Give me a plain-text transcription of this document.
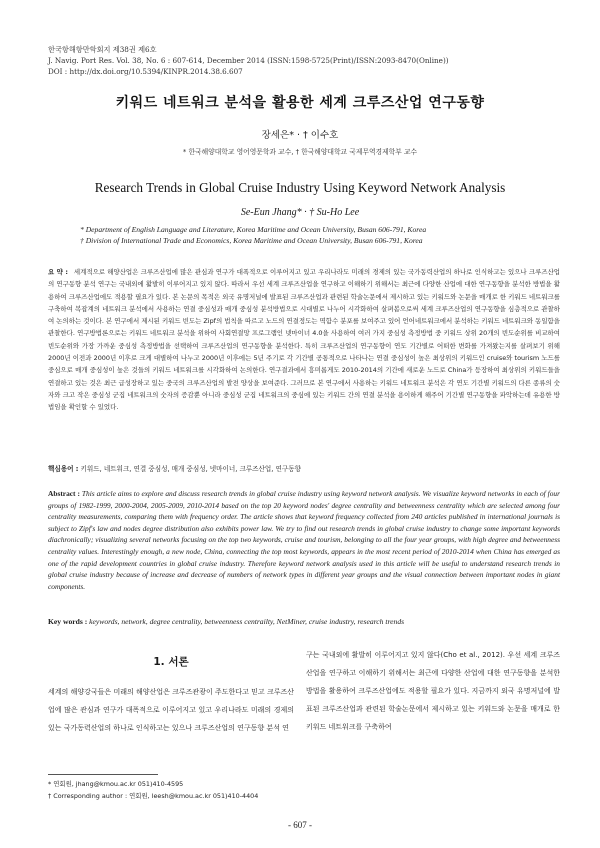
한국항해항만학회지 제38권 제6호
J. Navig. Port Res. Vol. 38, No. 6 : 607-614, December 2014 (ISSN:1598-5725(Print)/ISSN:2093-8470(Online))
DOI : http://dx.doi.org/10.5394/KINPR.2014.38.6.607
키워드 네트워크 분석을 활용한 세계 크루즈산업 연구동향
장세은* · † 이수호
* 한국해양대학교 영어영문학과 교수, † 한국해양대학교 국제무역경제학부 교수
Research Trends in Global Cruise Industry Using Keyword Network Analysis
Se-Eun Jhang* · † Su-Ho Lee
* Department of English Language and Literature, Korea Maritime and Ocean University, Busan 606-791, Korea
† Division of International Trade and Economics, Korea Maritime and Ocean University, Busan 606-791, Korea
요 약 : 세계적으로 해양산업은 크루즈산업에 많은 관심과 연구가 대폭적으로 이루어지고 있고 우리나라도 미래의 경제의 있는 국가동력산업의 하나로 인식하고는 있으나 크루즈산업의 연구동향 분석 연구는 국내외에 활발히 이루어지고 있지 않다. 따라서 우선 세계 크루즈산업을 연구하고 이해하기 위해서는 최근에 다양한 산업에 대한 연구동향을 분석한 방법을 활용하여 크루즈산업에도 적용할 필요가 있다. 본 논문의 목적은 외국 유명저널에 발표된 크루즈산업과 관련된 학술논문에서 제시하고 있는 키워드와 논문을 매개로 한 키워드 네트워크를 구축하여 복잡계의 네트워크 분석에서 사용하는 연결 중심성과 매개 중심성 분석방법으로 시대별로 나누어 시각화하여 살펴봄으로써 세계 크루즈산업의 연구동향을 심층적으로 관찰하여 논의하는 것이다. 본 연구에서 제시된 키워드 빈도는 Zipf의 법칙을 따르고 노드의 연결정도는 멱함수 분포를 보여주고 있어 언어네트워크에서 분석하는 키워드 네트워크와 동일함을 관찰한다. 연구방법론으로는 키워드 네트워크 분석을 위하여 사회연결망 프로그램인 넷마이너 4.0을 사용하여 여러 가지 중심성 측정방법 중 키워드 상위 20개의 빈도순위를 비교하여 빈도순위와 가장 가까운 중심성 측정방법을 선택하여 크루즈산업의 연구동향을 분석한다. 특히 크루즈산업의 연구동향이 연도 기간별로 어떠한 변화를 가져왔는지를 살펴보기 위해 2000년 이전과 2000년 이후로 크게 대별하여 나누고 2000년 이후에는 5년 주기로 각 기간별 공통적으로 나타나는 연결 중심성이 높은 최상위의 키워드인 cruise와 tourism 노드를 중심으로 매개 중심성이 높은 것들의 키워드 네트워크를 시각화하여 논의한다. 연구결과에서 흥미롭게도 2010-2014의 기간에 새로운 노드로 China가 등장하여 최상위의 키워드들을 연결하고 있는 것은 최근 급성장하고 있는 중국의 크루즈산업의 발전 양상을 보여준다. 그러므로 본 연구에서 사용하는 키워드 네트워크 분석은 각 연도 기간별 키워드의 다른 종류의 숫자와 크고 작은 중심성 군집 네트워크의 숫자의 증감뿐 아니라 중심성 군집 네트워크의 중심에 있는 키워드 간의 연결 분석을 용이하게 해주어 기간별 연구동향을 파악하는데 유용한 방법임을 확인할 수 있었다.
핵심용어 : 키워드, 네트워크, 연결 중심성, 매개 중심성, 넷마이너, 크루즈산업, 연구동향
Abstract : This article aims to explore and discuss research trends in global cruise industry using keyword network analysis. We visualize keyword networks in each of four groups of 1982-1999, 2000-2004, 2005-2009, 2010-2014 based on the top 20 keyword nodes' degree centrality and betweenness centrality which are selected among four centrality measurements, comparing them with frequency order. The article shows that keyword frequency collected from 240 articles published in international journals is subject to Zipf's law and nodes degree distribution also exhibits power law. We try to find out research trends in global cruise industry to change some important keywords diachronically; visualizing several networks focusing on the top two keywords, cruise and tourism, belonging to all the four year groups, with high degree and betweenness centrality values. Interestingly enough, a new node, China, connecting the top most keywords, appears in the most recent period of 2010-2014 when China has emerged as one of the rapid development countries in global cruise industry. Therefore keyword network analysis used in this article will be useful to understand research trends in global cruise industry because of increase and decrease of numbers of network types in different year groups and the visual connection between important nodes in giant components.
Key words : keywords, network, degree centrality, betweenness centrailty, NetMiner, cruise industry, research trends
1. 서론
세계의 해양강국들은 미래의 해양산업은 크루즈관광이 주도한다고 믿고 크루즈산업에 많은 관심과 연구가 대폭적으로 이루어지고 있고 우리나라도 미래의 경제의 있는 국가동력산업의 하나로 인식하고는 있으나 크루즈산업의 연구동향 분석 연
구는 국내외에 활발히 이루어지고 있지 않다(Cho et al., 2012). 우선 세계 크루즈산업을 연구하고 이해하기 위해서는 최근에 다양한 산업에 대한 연구동향을 분석한 방법을 활용하여 크루즈산업에도 적용할 필요가 있다. 지금까지 외국 유명저널에 발표된 크루즈산업과 관련된 학술논문에서 제시하고 있는 키워드와 논문을 매개로 한 키워드 네트워크를 구축하여
* 연회원, jhang@kmou.ac.kr 051)410-4595
† Corresponding author : 연회원, leesh@kmou.ac.kr 051)410-4404
- 607 -
